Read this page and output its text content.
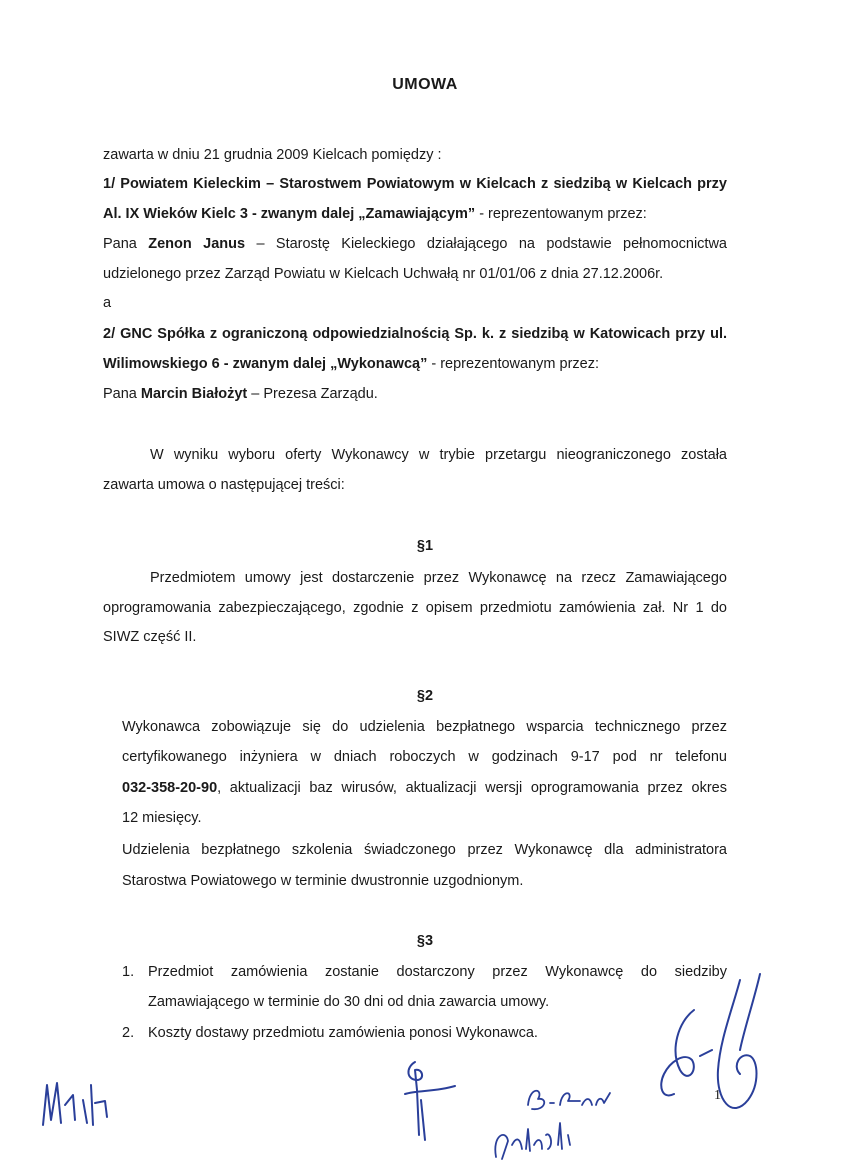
UMOWA
zawarta w dniu 21 grudnia 2009 Kielcach pomiędzy :
1/ Powiatem Kieleckim – Starostwem Powiatowym w Kielcach z siedzibą w Kielcach przy
Al. IX Wieków Kielc 3 - zwanym dalej „Zamawiającym” - reprezentowanym przez:
Pana Zenon Janus – Starostę Kieleckiego działającego na podstawie pełnomocnictwa
udzielonego przez Zarząd Powiatu w Kielcach Uchwałą nr 01/01/06 z dnia 27.12.2006r.
a
2/ GNC Spółka z ograniczoną odpowiedzialnością Sp. k. z siedzibą w Katowicach przy ul.
Wilimowskiego 6 - zwanym dalej „Wykonawcą” - reprezentowanym przez:
Pana Marcin Białożyt – Prezesa Zarządu.
W wyniku wyboru oferty Wykonawcy w trybie przetargu nieograniczonego została
zawarta umowa o następującej treści:
§1
Przedmiotem umowy jest dostarczenie przez Wykonawcę na rzecz Zamawiającego
oprogramowania zabezpieczającego, zgodnie z opisem przedmiotu zamówienia zał. Nr 1 do
SIWZ część II.
§2
Wykonawca zobowiązuje się do udzielenia bezpłatnego wsparcia technicznego przez
certyfikowanego inżyniera w dniach roboczych w godzinach 9-17 pod nr telefonu
032-358-20-90, aktualizacji baz wirusów, aktualizacji wersji oprogramowania przez okres
12 miesięcy.
Udzielenia bezpłatnego szkolenia świadczonego przez Wykonawcę dla administratora
Starostwa Powiatowego w terminie dwustronnie uzgodnionym.
§3
1. Przedmiot zamówienia zostanie dostarczony przez Wykonawcę do siedziby
Zamawiającego w terminie do 30 dni od dnia zawarcia umowy.
2. Koszty dostawy przedmiotu zamówienia ponosi Wykonawca.
1
